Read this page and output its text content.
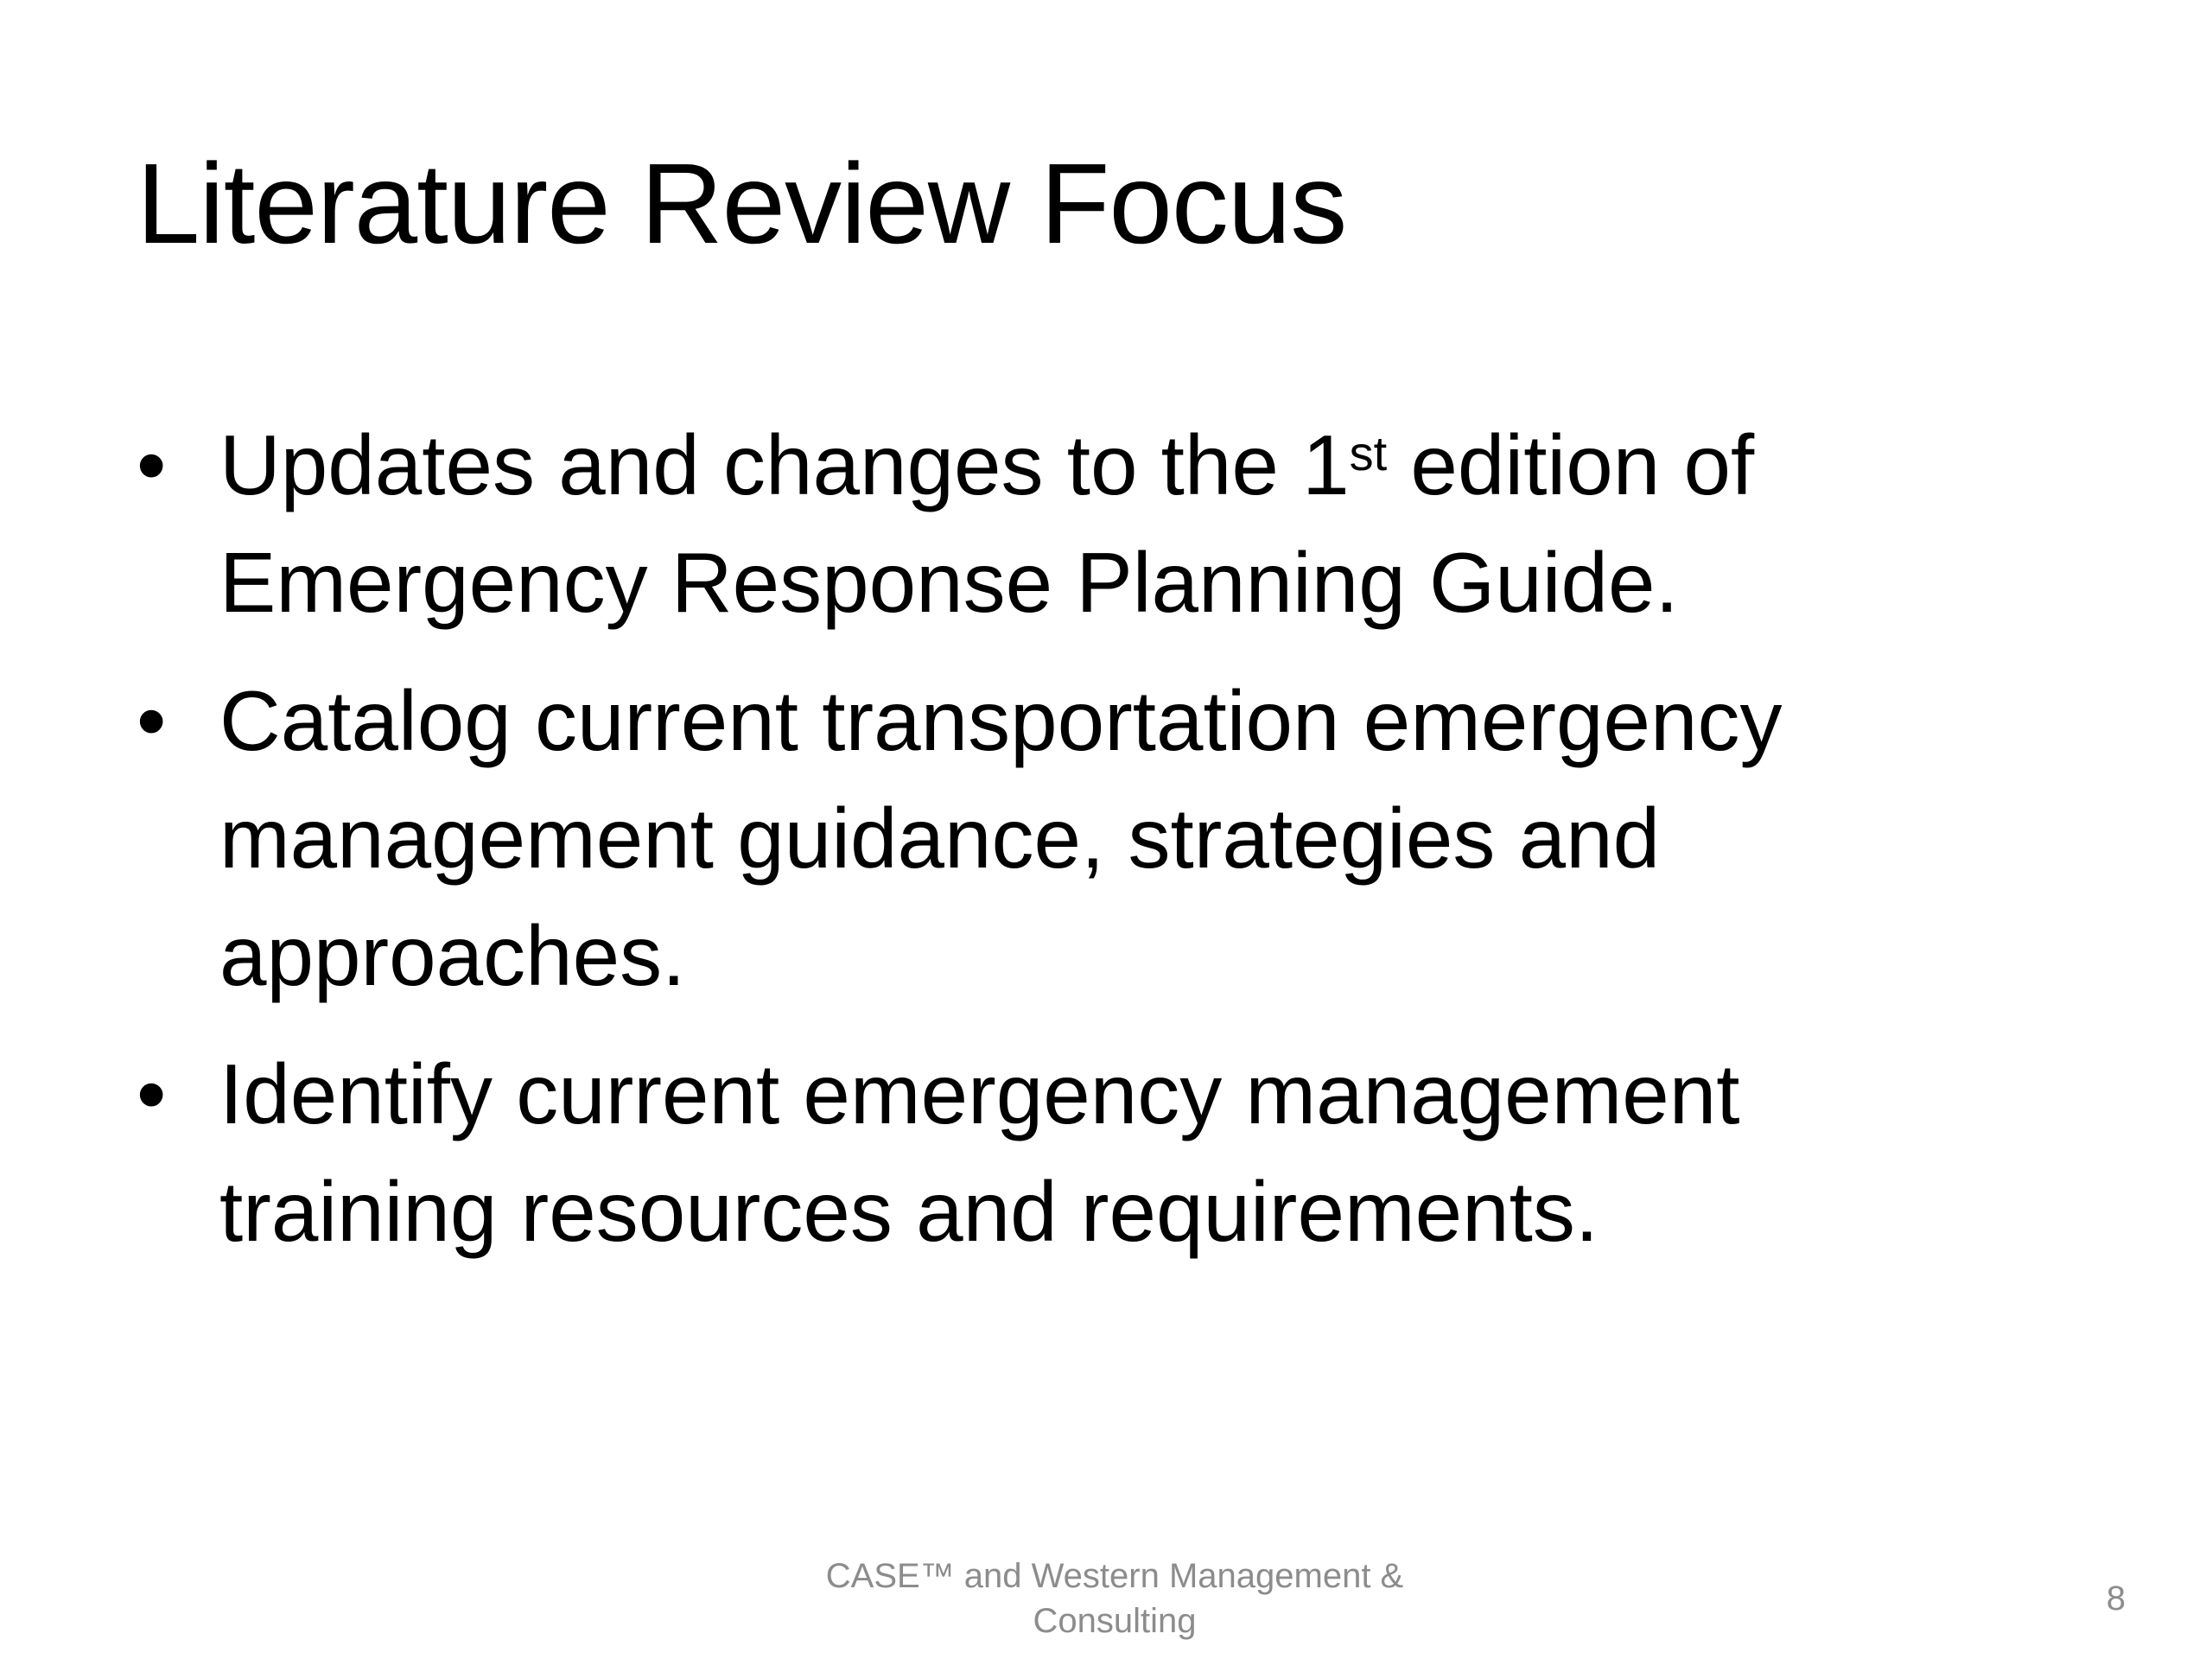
Literature Review Focus
• Updates and changes to the 1st edition of Emergency Response Planning Guide.
• Catalog current transportation emergency management guidance, strategies and approaches.
• Identify current emergency management training resources and requirements.
CASE™ and Western Management &
Consulting
8
